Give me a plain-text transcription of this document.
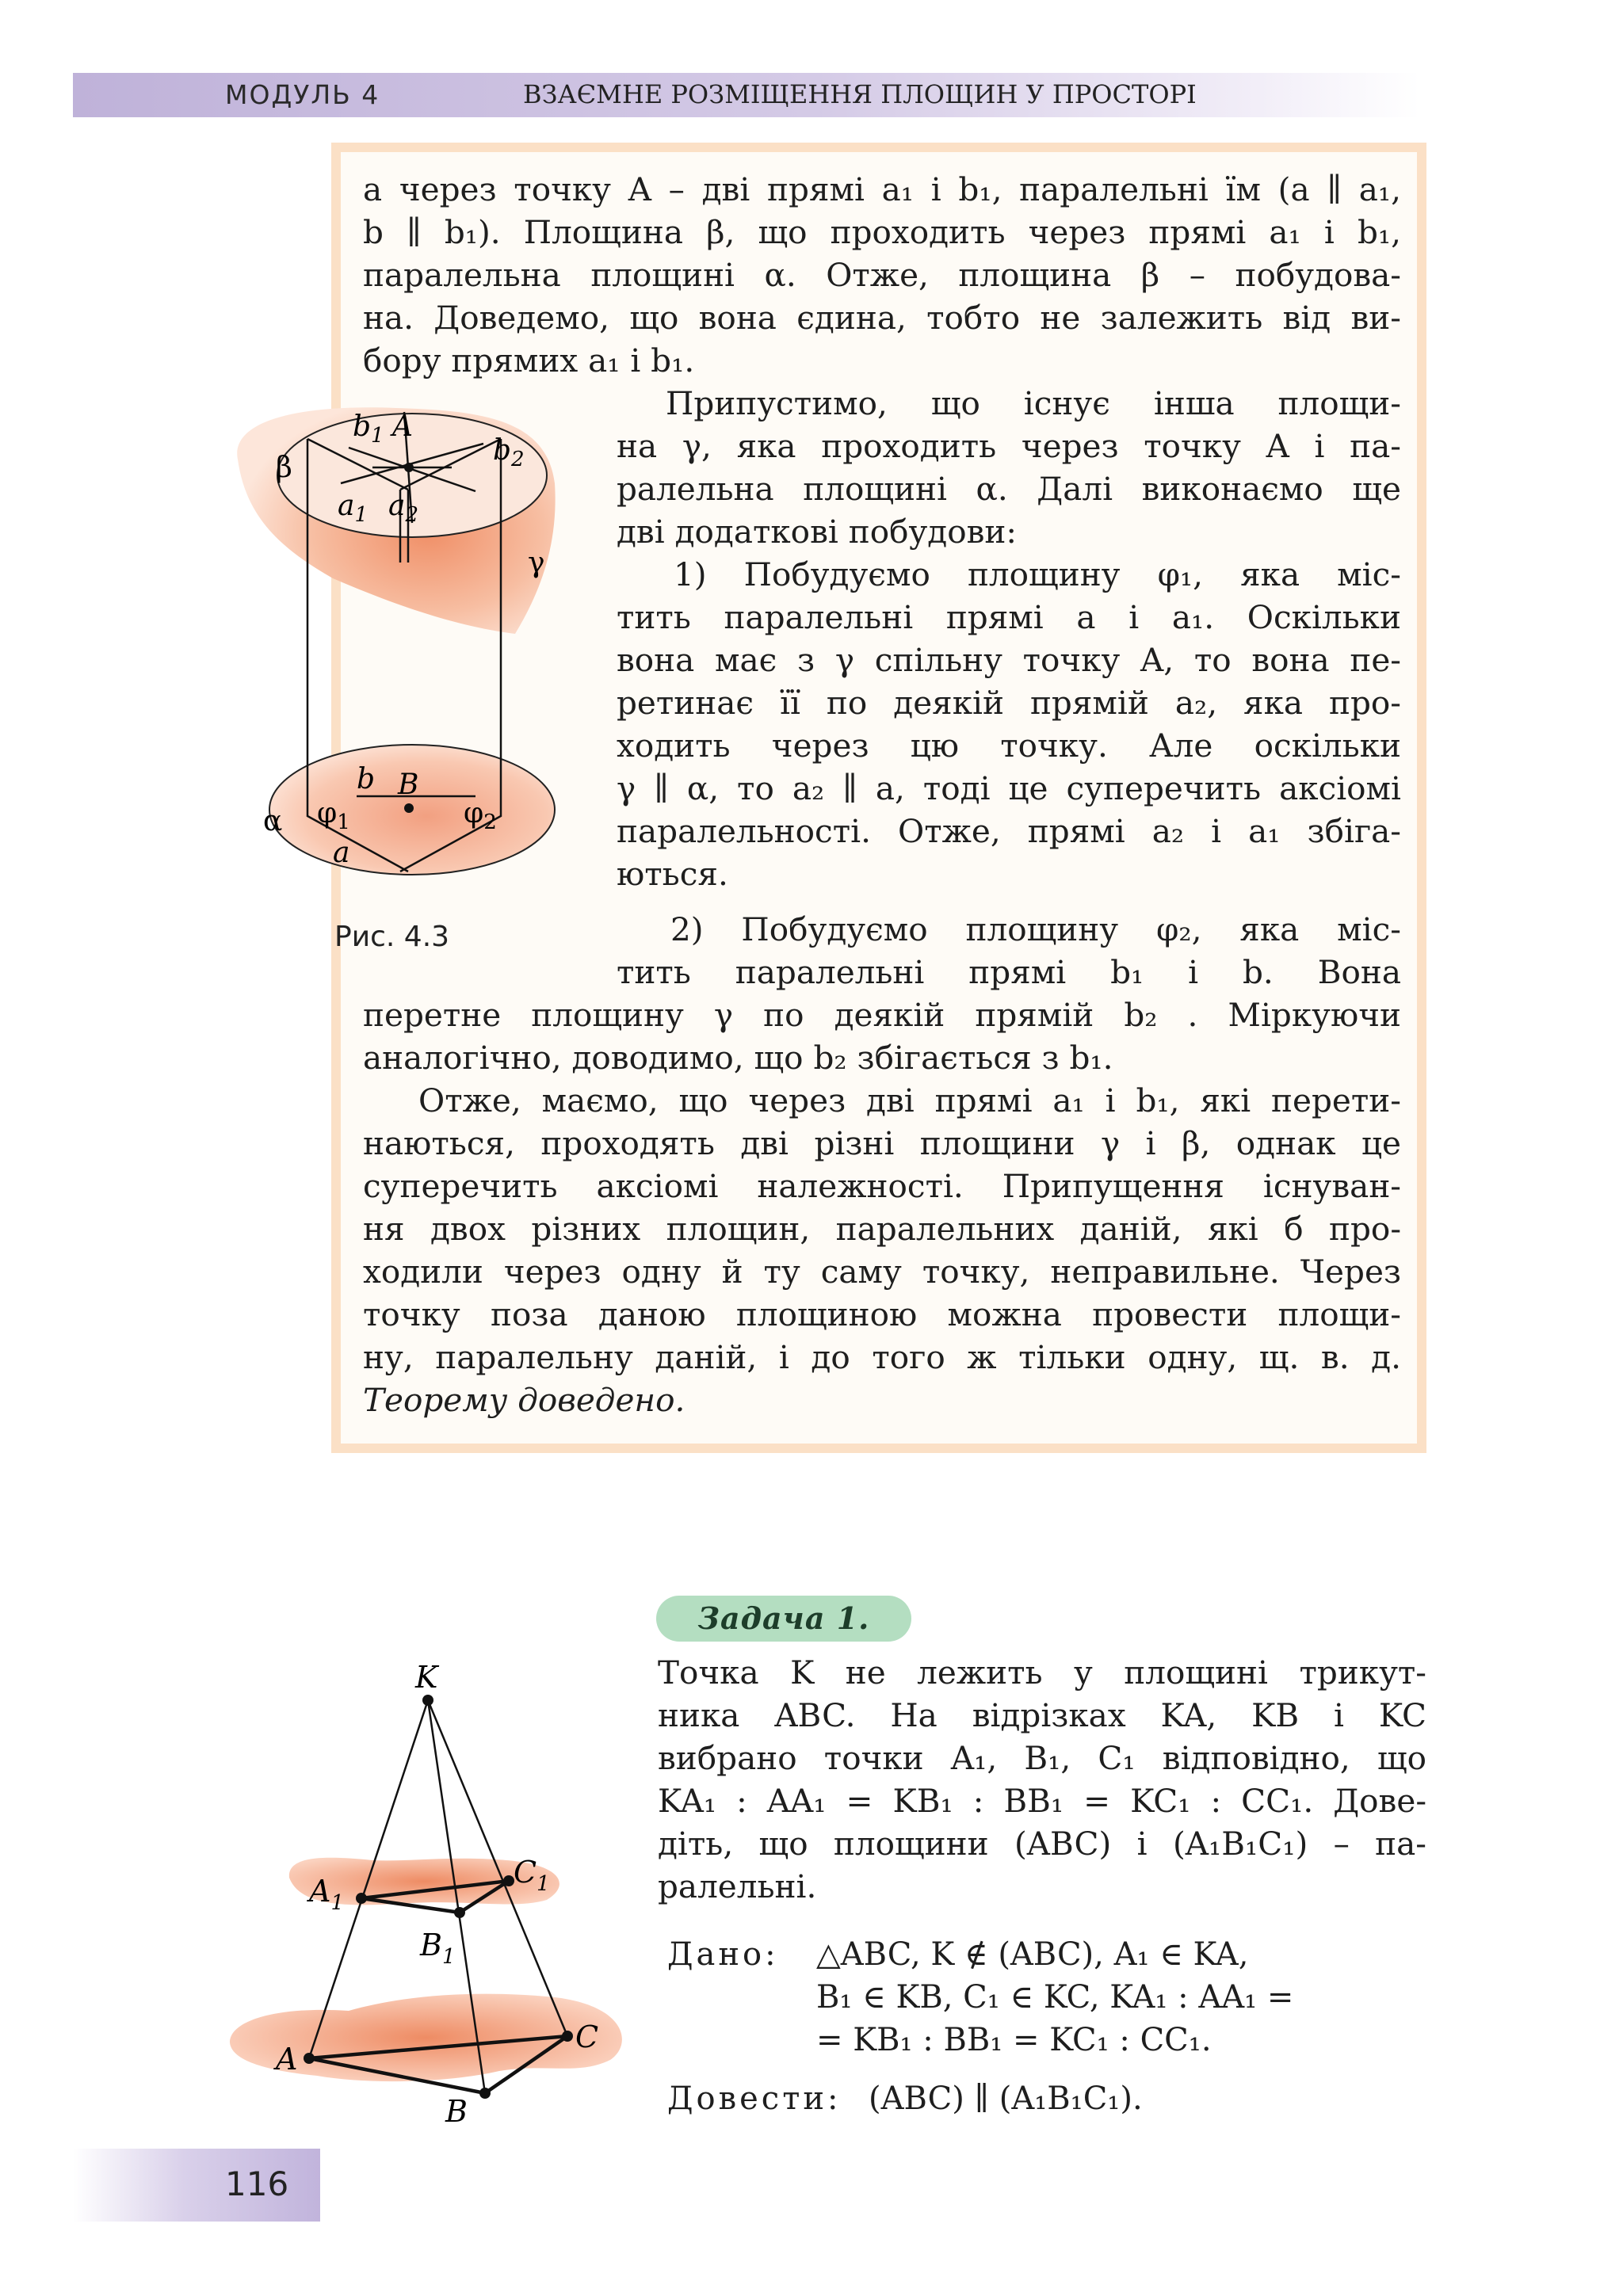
МОДУЛЬ 4	ВЗАЄМНЕ РОЗМІЩЕННЯ ПЛОЩИН У ПРОСТОРІ
а через точку A – дві прямі a₁ і b₁, паралельні їм (a ∥ a₁,
b ∥ b₁). Площина β, що проходить через прямі a₁ і b₁,
паралельна площині α. Отже, площина β – побудова-
на. Доведемо, що вона єдина, тобто не залежить від ви-
бору прямих a₁ і b₁.
Припустимо, що існує інша площи-
на γ, яка проходить через точку A і па-
ралельна площині α. Далі виконаємо ще
дві додаткові побудови:
1) Побудуємо площину φ₁, яка міс-
тить паралельні прямі a і a₁. Оскільки
вона має з γ спільну точку A, то вона пе-
ретинає її по деякій прямій a₂, яка про-
ходить через цю точку. Але оскільки
γ ∥ α, то a₂ ∥ a, тоді це суперечить аксіомі
паралельності. Отже, прямі a₂ і a₁ збіга-
ються.
2) Побудуємо площину φ₂, яка міс-
тить паралельні прямі b₁ і b. Вона
перетне площину γ по деякій прямій b₂ . Міркуючи
аналогічно, доводимо, що b₂ збігається з b₁.
Отже, маємо, що через дві прямі a₁ і b₁, які перети-
наються, проходять дві різні площини γ і β, однак це
суперечить аксіомі належності. Припущення існуван-
ня двох різних площин, паралельних даній, які б про-
ходили через одну й ту саму точку, неправильне. Через
точку поза даною площиною можна провести площи-
ну, паралельну даній, і до того ж тільки одну, щ. в. д.
Теорему доведено.
$b_1$ A
$b_2$
β
$a_1$ $a_2$
γ
b B
α $\varphi_1$	$\varphi_2$
a
Рис. 4.3
Задача 1.
Точка K не лежить у площині трикут-
ника ABC. На відрізках KA, KB і KC
вибрано точки A₁, B₁, C₁ відповідно, що
KA₁ : AA₁ = KB₁ : BB₁ = KC₁ : CC₁. Дове-
діть, що площини (ABC) і (A₁B₁C₁) – па-
ралельні.
Дано: △ABC, K ∉ (ABC), A₁ ∈ KA,
B₁ ∈ KB, C₁ ∈ KC, KA₁ : AA₁ =
= KB₁ : BB₁ = KC₁ : CC₁.
Довести: (ABC) ∥ (A₁B₁C₁).
K
$A_1$
$C_1$
$B_1$
A
C
B
116
